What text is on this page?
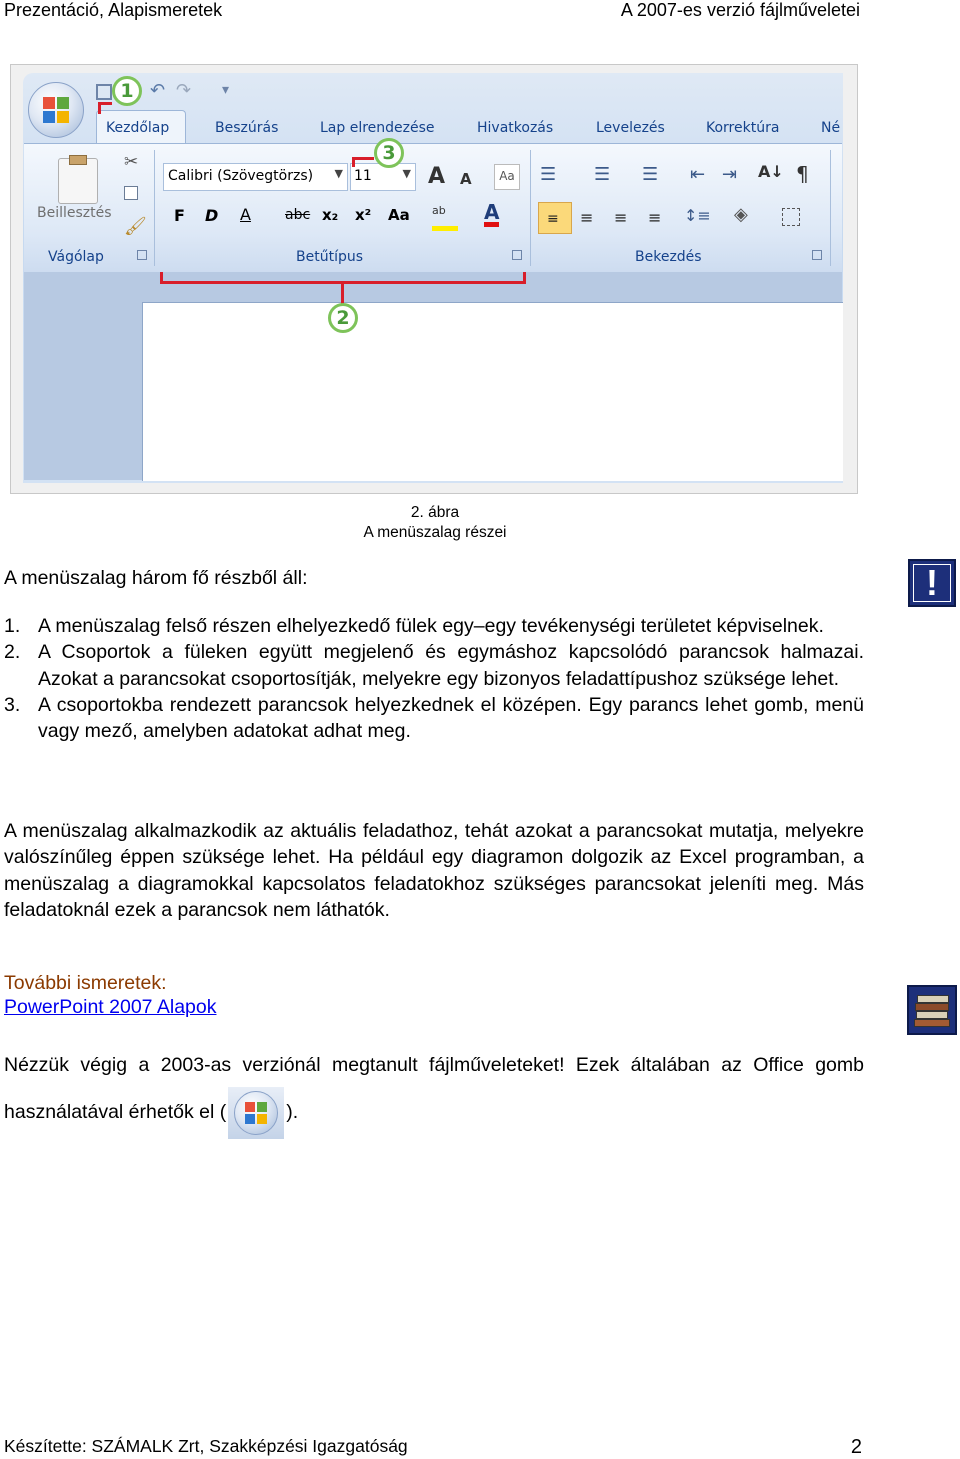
Prezentáció, Alapismeretek	A 2007-es verzió fájlműveletei
↶ ↷ ▾
Kezdőlap	Beszúrás	Lap elrendezése	Hivatkozás	Levelezés	Korrektúra	Né
Beillesztés
✂
🖌
Vágólap
Calibri (Szövegtörzs) ▼ 11	▼ A A	Aa
F D A abc x₂ x² Aa ab	A
Betűtípus
☰ ☰ ☰ ⇤ ⇥ A↓ ¶
≡ ≡ ≡ ≡ ↕≡ ◈
Bekezdés
1
3
2
2. ábra
A menüszalag részei
A menüszalag három fő részből áll:	!
1. A menüszalag felső részen elhelyezkedő fülek egy–egy tevékenységi területet képviselnek.
2. A Csoportok a füleken együtt megjelenő és egymáshoz kapcsolódó parancsok halmazai. Azokat a parancsokat csoportosítják, melyekre egy bizonyos feladattípushoz szüksége lehet.
3. A csoportokba rendezett parancsok helyezkednek el középen. Egy parancs lehet gomb, menü vagy mező, amelyben adatokat adhat meg.
A menüszalag alkalmazkodik az aktuális feladathoz, tehát azokat a parancsokat mutatja, melyekre valószínűleg éppen szüksége lehet. Ha például egy diagramon dolgozik az Excel programban, a menüszalag a diagramokkal kapcsolatos feladatokhoz szükséges parancsokat jeleníti meg. Más feladatoknál ezek a parancsok nem láthatók.
További ismeretek:
PowerPoint 2007 Alapok
Nézzük végig a 2003-as verziónál megtanult fájlműveleteket! Ezek általában az Office gomb használatával érhetők el (	).
Készítette: SZÁMALK Zrt, Szakképzési Igazgatóság	2
